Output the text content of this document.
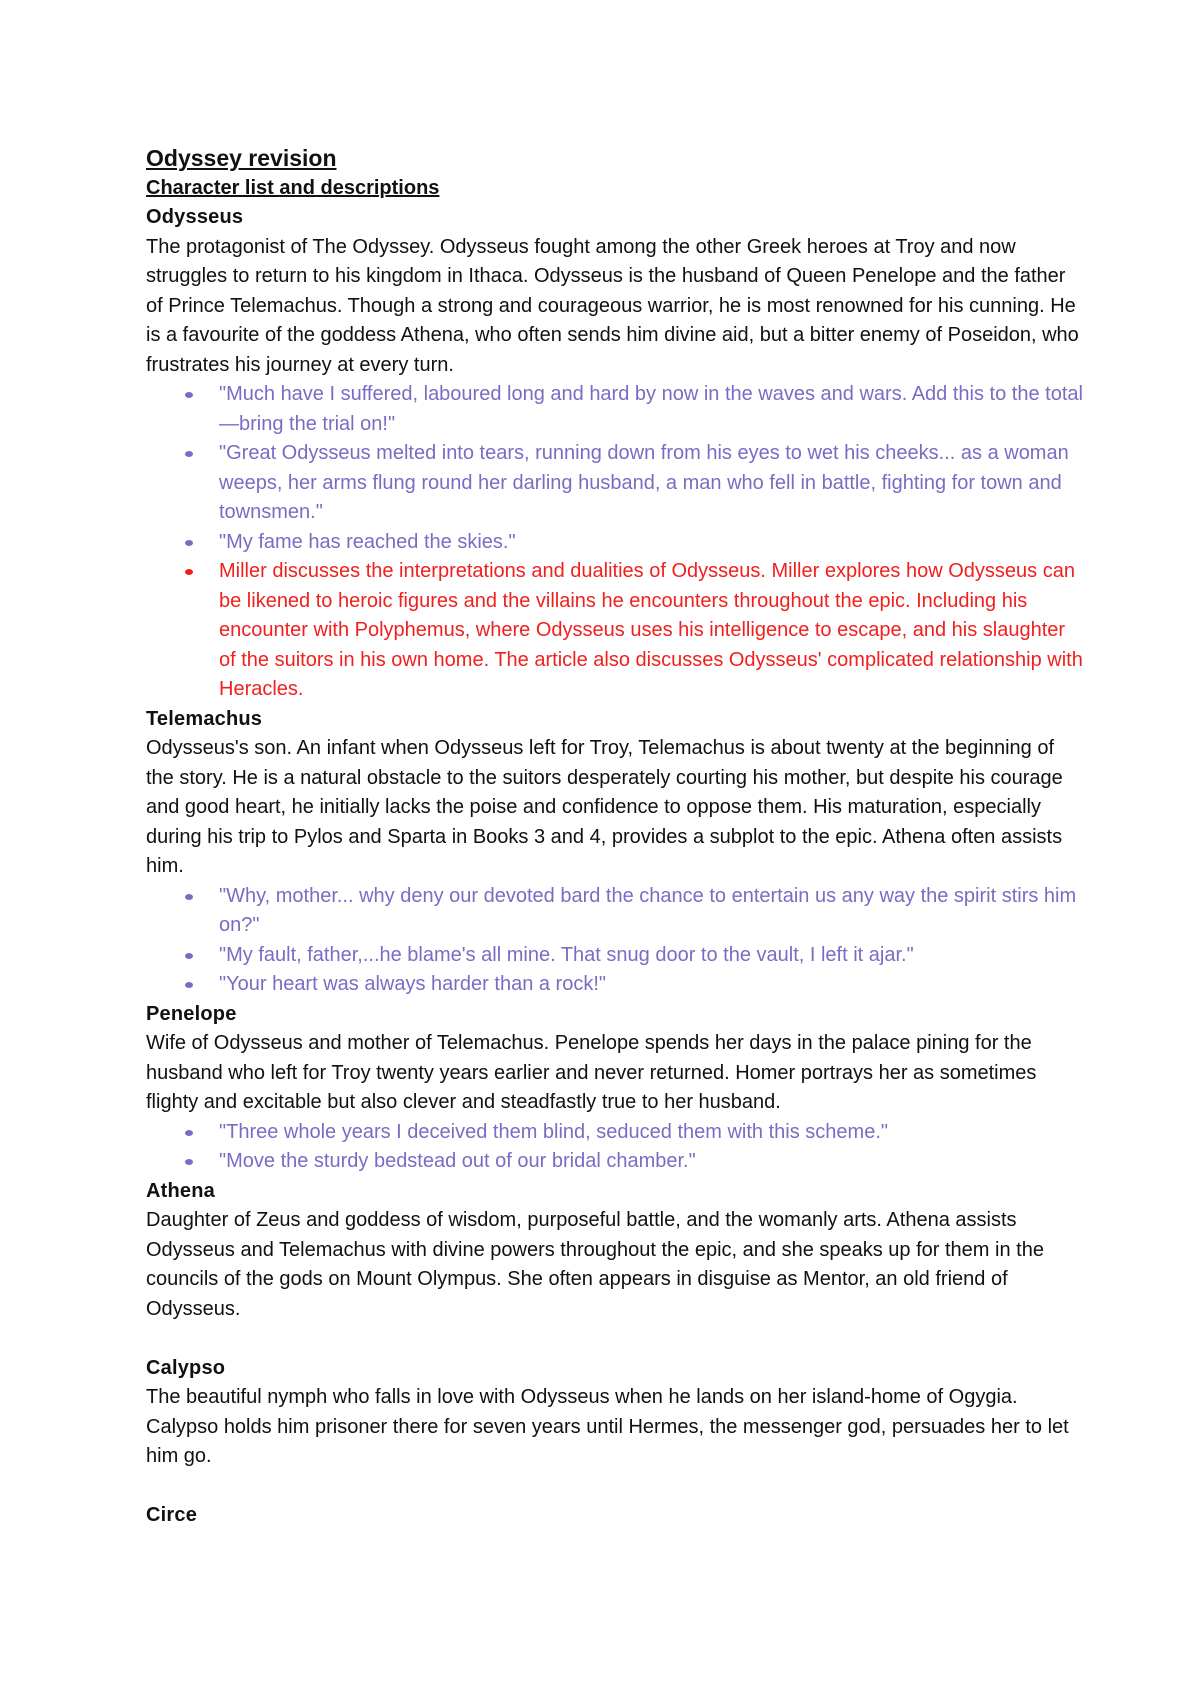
Odyssey revision
Character list and descriptions
Odysseus

The protagonist of The Odyssey. Odysseus fought among the other Greek heroes at Troy and now struggles to return to his kingdom in Ithaca. Odysseus is the husband of Queen Penelope and the father of Prince Telemachus. Though a strong and courageous warrior, he is most renowned for his cunning. He is a favourite of the goddess Athena, who often sends him divine aid, but a bitter enemy of Poseidon, who frustrates his journey at every turn.

"Much have I suffered, laboured long and hard by now in the waves and wars. Add this to the total—bring the trial on!"
"Great Odysseus melted into tears, running down from his eyes to wet his cheeks... as a woman weeps, her arms flung round her darling husband, a man who fell in battle, fighting for town and townsmen."
"My fame has reached the skies."
Miller discusses the interpretations and dualities of Odysseus. Miller explores how Odysseus can be likened to heroic figures and the villains he encounters throughout the epic. Including his encounter with Polyphemus, where Odysseus uses his intelligence to escape, and his slaughter of the suitors in his own home. The article also discusses Odysseus' complicated relationship with Heracles.
Telemachus

Odysseus's son. An infant when Odysseus left for Troy, Telemachus is about twenty at the beginning of the story. He is a natural obstacle to the suitors desperately courting his mother, but despite his courage and good heart, he initially lacks the poise and confidence to oppose them. His maturation, especially during his trip to Pylos and Sparta in Books 3 and 4, provides a subplot to the epic. Athena often assists him.

"Why, mother... why deny our devoted bard the chance to entertain us any way the spirit stirs him on?"
"My fault, father,...he blame's all mine. That snug door to the vault, I left it ajar."
"Your heart was always harder than a rock!"
Penelope

Wife of Odysseus and mother of Telemachus. Penelope spends her days in the palace pining for the husband who left for Troy twenty years earlier and never returned. Homer portrays her as sometimes flighty and excitable but also clever and steadfastly true to her husband.

"Three whole years I deceived them blind, seduced them with this scheme."
"Move the sturdy bedstead out of our bridal chamber."
Athena

Daughter of Zeus and goddess of wisdom, purposeful battle, and the womanly arts. Athena assists Odysseus and Telemachus with divine powers throughout the epic, and she speaks up for them in the councils of the gods on Mount Olympus. She often appears in disguise as Mentor, an old friend of Odysseus.

Calypso

The beautiful nymph who falls in love with Odysseus when he lands on her island-home of Ogygia. Calypso holds him prisoner there for seven years until Hermes, the messenger god, persuades her to let him go.

Circe
